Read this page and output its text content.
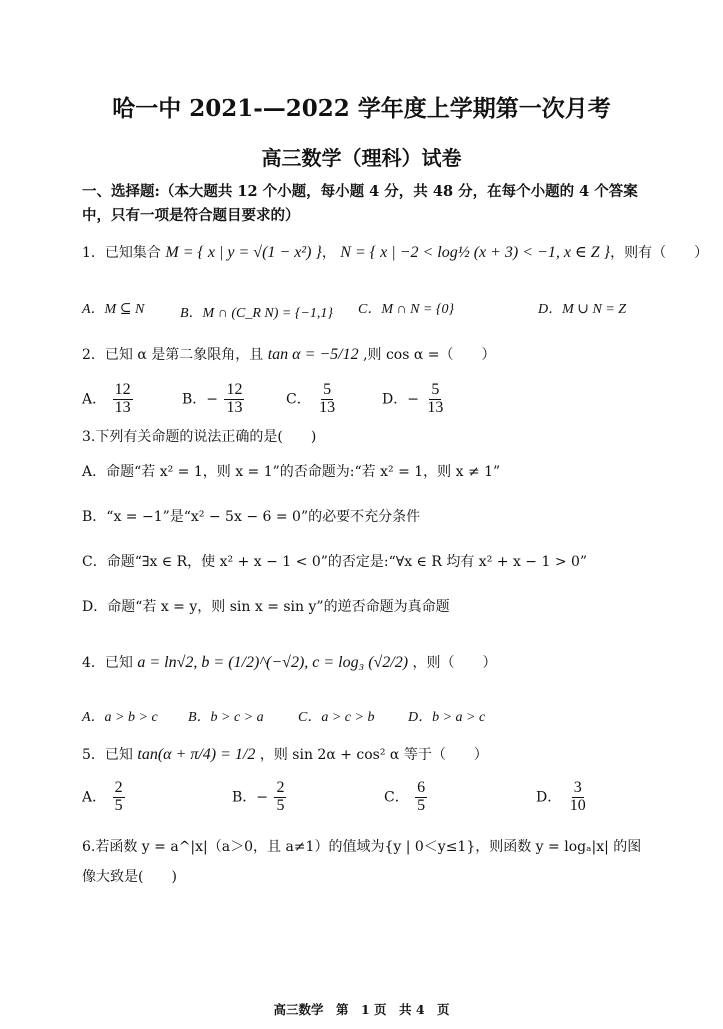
哈一中 2021-—2022 学年度上学期第一次月考
高三数学（理科）试卷
一、选择题:（本大题共 12 个小题，每小题 4 分，共 48 分，在每个小题的 4 个答案
中，只有一项是符合题目要求的）
1．已知集合 M = { x | y = √(1 − x²) }， N = { x | −2 < log½ (x + 3) < −1, x ∈ Z }，则有（　　）
A．M ⊆ N	B．M ∩ (C_R N) = {−1,1} C．M ∩ N = {0}	D．M ∪ N = Z
2．已知 α 是第二象限角，且 tan α = −5/12 ,则 cos α =（　　）
A． $\frac{12}{13}$	B．− $\frac{12}{13}$	C． $\frac{5}{13}$	D．− $\frac{5}{13}$
3.下列有关命题的说法正确的是(　　)
A．命题“若 x² = 1，则 x = 1”的否命题为:“若 x² = 1，则 x ≠ 1”
B．“x = −1”是“x² − 5x − 6 = 0”的必要不充分条件
C．命题“∃x ∈ R，使 x² + x − 1 < 0”的否定是:“∀x ∈ R 均有 x² + x − 1 > 0”
D．命题“若 x = y，则 sin x = sin y”的逆否命题为真命题
4．已知 a = ln√2, b = (1/2)^(−√2), c = log₃ (√2/2) ，则（　　）
A．a > b > c B．b > c > a C．a > c > b D．b > a > c
5．已知 tan(α + π/4) = 1/2 ，则 sin 2α + cos² α 等于（　　）
A． $\frac{2}{5}$	B．− $\frac{2}{5}$	C． $\frac{6}{5}$	D． $\frac{3}{10}$
6.若函数 y = a^|x|（a＞0，且 a≠1）的值域为{y | 0＜y≤1}，则函数 y = logₐ|x| 的图
像大致是(　　)
高三数学　第　1 页　共 4　页
